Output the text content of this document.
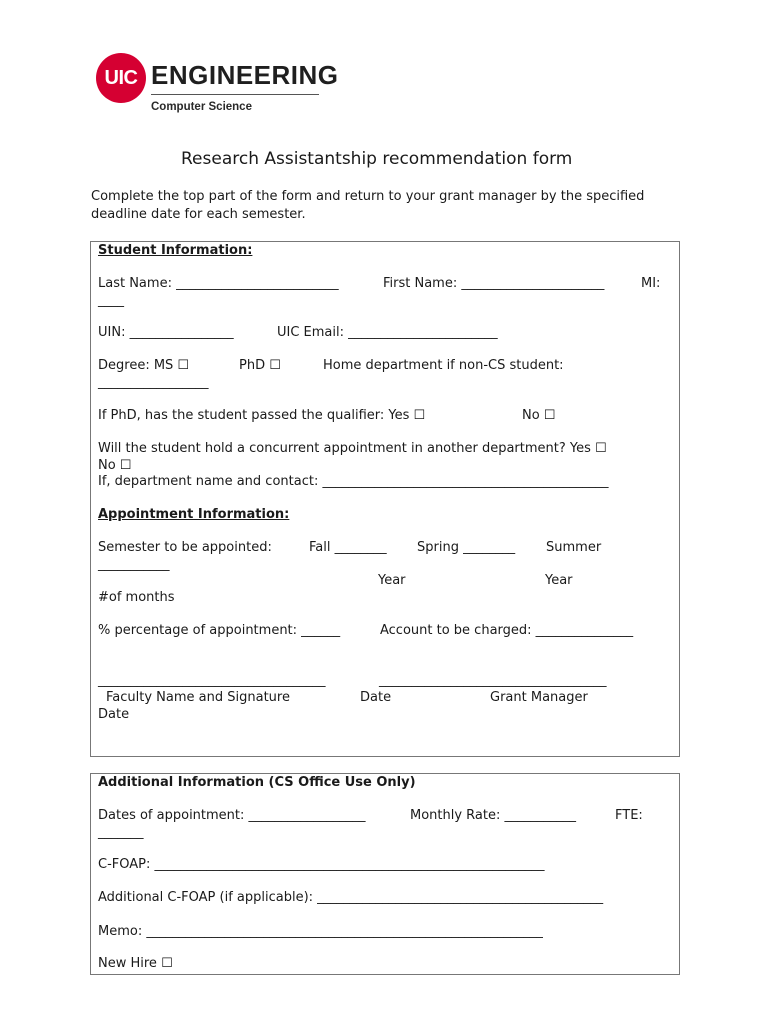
UIC ENGINEERING
Computer Science
Research Assistantship recommendation form
Complete the top part of the form and return to your grant manager by the specified deadline date for each semester.
Student Information:
Last Name: _________________________	First Name: ______________________	MI:
____
UIN: ________________	UIC Email: _______________________
Degree: MS ☐	PhD ☐	Home department if non-CS student:
_________________
If PhD, has the student passed the qualifier: Yes ☐	No ☐
Will the student hold a concurrent appointment in another department? Yes ☐
No ☐
If, department name and contact: ____________________________________________
Appointment Information:
Semester to be appointed:	Fall ________ Spring ________ Summer
___________
Year	Year
#of months
% percentage of appointment: ______	Account to be charged: _______________
___________________________________	___________________________________
Faculty Name and Signature	Date	Grant Manager
Date
Additional Information (CS Office Use Only)
Dates of appointment: __________________	Monthly Rate: ___________	FTE:
_______
C-FOAP: ____________________________________________________________
Additional C-FOAP (if applicable): ____________________________________________
Memo: _____________________________________________________________
New Hire ☐
